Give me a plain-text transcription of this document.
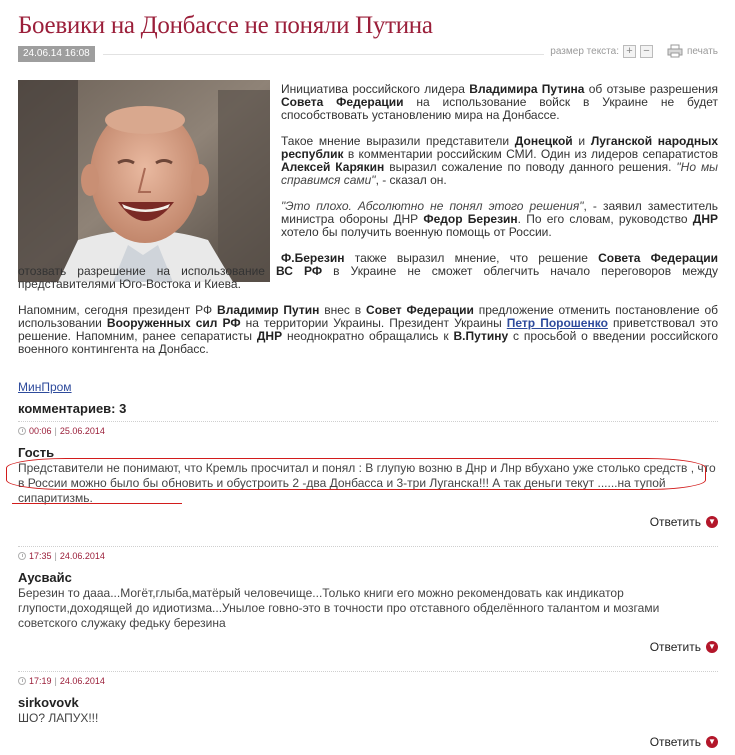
Боевики на Донбассе не поняли Путина
24.06.14 16:08	размер текста: + −	печать

Инициатива российского лидера Владимира Путина об отзыве разрешения Совета Федерации на использование войск в Украине не будет способствовать установлению мира на Донбассе.

Такое мнение выразили представители Донецкой и Луганской народных республик в комментарии российским СМИ. Один из лидеров сепаратистов Алексей Карякин выразил сожаление по поводу данного решения. "Но мы справимся сами", - сказал он.

"Это плохо. Абсолютно не понял этого решения", - заявил заместитель министра обороны ДНР Федор Березин. По его словам, руководство ДНР хотело бы получить военную помощь от России.

Ф.Березин также выразил мнение, что решение Совета Федерации отозвать разрешение на использование ВС РФ в Украине не сможет облегчить начало переговоров между представителями Юго-Востока и Киева.

Напомним, сегодня президент РФ Владимир Путин внес в Совет Федерации предложение отменить постановление об использовании Вооруженных сил РФ на территории Украины. Президент Украины Петр Порошенко приветствовал это решение. Напомним, ранее сепаратисты ДНР неоднократно обращались к В.Путину с просьбой о введении российского военного контингента на Донбасс.

МинПром
комментариев: 3
00:06 | 25.06.2014
Гость
Представители не понимают, что Кремль просчитал и понял : В глупую возню в Днр и Лнр вбухано уже столько средств , что в России можно было бы обновить и обустроить 2 -два Донбасса и 3-три Луганска!!! А так деньги текут ......на тупой сипаритизмь.
Ответить ▼
17:35 | 24.06.2014
Аусвайс
Березин то дааа...Могёт,глыба,матёрый человечище...Только книги его можно рекомендовать как индикатор глупости,доходящей до идиотизма...Унылое говно-это в точности про отставного обделённого талантом и мозгами советского служаку федьку березина
Ответить ▼
17:19 | 24.06.2014
sirkovovk
ШО? ЛАПУХ!!!
Ответить ▼
